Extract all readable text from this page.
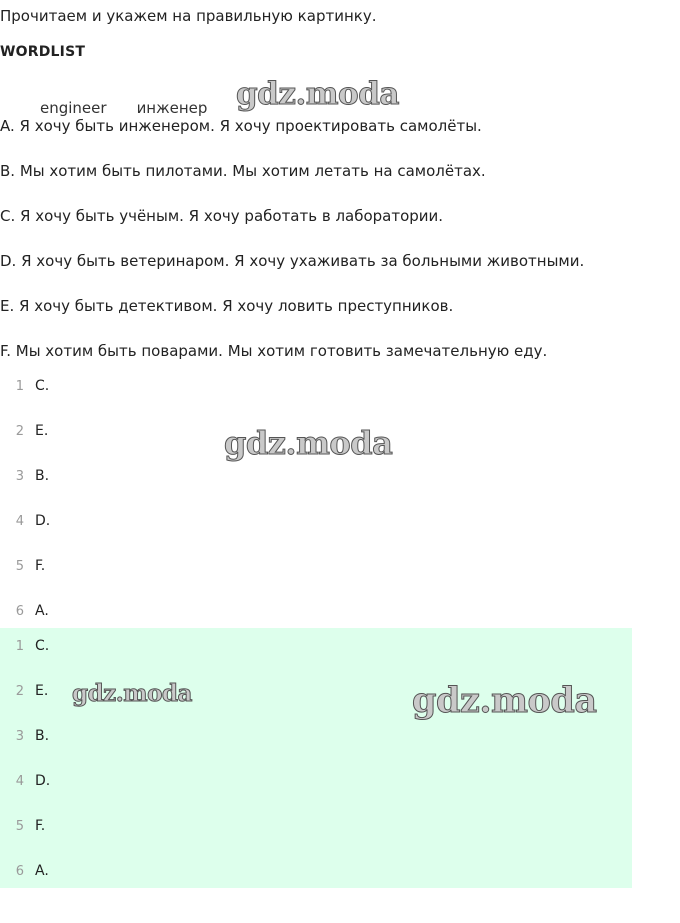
Прочитаем и укажем на правильную картинку.
WORDLIST
engineer инженер
A. Я хочу быть инженером. Я хочу проектировать самолёты.
B. Мы хотим быть пилотами. Мы хотим летать на самолётах.
C. Я хочу быть учёным. Я хочу работать в лаборатории.
D. Я хочу быть ветеринаром. Я хочу ухаживать за больными животными.
E. Я хочу быть детективом. Я хочу ловить преступников.
F. Мы хотим быть поварами. Мы хотим готовить замечательную еду.
1 C.
2 E.
3 B.
4 D.
5 F.
6 A.
1 C.
2 E.
3 B.
4 D.
5 F.
6 A.
gdz.moda
gdz.moda
gdz.moda	gdz.moda
